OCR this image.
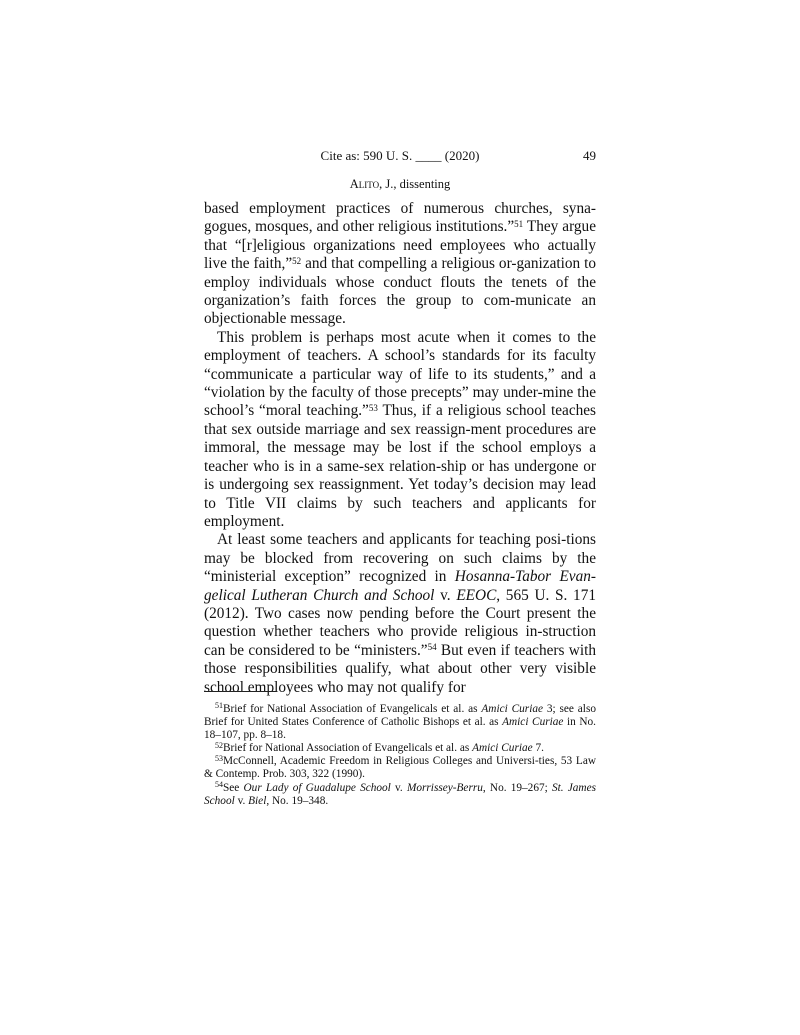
Cite as: 590 U. S. ____ (2020)	49
Alito, J., dissenting

based employment practices of numerous churches, syna-gogues, mosques, and other religious institutions.”$^{51}$ They argue that “[r]eligious organizations need employees who actually live the faith,”$^{52}$ and that compelling a religious or-ganization to employ individuals whose conduct flouts the tenets of the organization’s faith forces the group to com-municate an objectionable message.

This problem is perhaps most acute when it comes to the employment of teachers. A school’s standards for its faculty “communicate a particular way of life to its students,” and a “violation by the faculty of those precepts” may under-mine the school’s “moral teaching.”$^{53}$ Thus, if a religious school teaches that sex outside marriage and sex reassign-ment procedures are immoral, the message may be lost if the school employs a teacher who is in a same-sex relation-ship or has undergone or is undergoing sex reassignment. Yet today’s decision may lead to Title VII claims by such teachers and applicants for employment.

At least some teachers and applicants for teaching posi-tions may be blocked from recovering on such claims by the “ministerial exception” recognized in Hosanna-Tabor Evan-gelical Lutheran Church and School v. EEOC, 565 U. S. 171 (2012). Two cases now pending before the Court present the question whether teachers who provide religious in-struction can be considered to be “ministers.”$^{54}$ But even if teachers with those responsibilities qualify, what about other very visible school employees who may not qualify for

$^{51}$Brief for National Association of Evangelicals et al. as Amici Curiae 3; see also Brief for United States Conference of Catholic Bishops et al. as Amici Curiae in No. 18–107, pp. 8–18.

$^{52}$Brief for National Association of Evangelicals et al. as Amici Curiae 7.

$^{53}$McConnell, Academic Freedom in Religious Colleges and Universi-ties, 53 Law & Contemp. Prob. 303, 322 (1990).

$^{54}$See Our Lady of Guadalupe School v. Morrissey-Berru, No. 19–267; St. James School v. Biel, No. 19–348.
